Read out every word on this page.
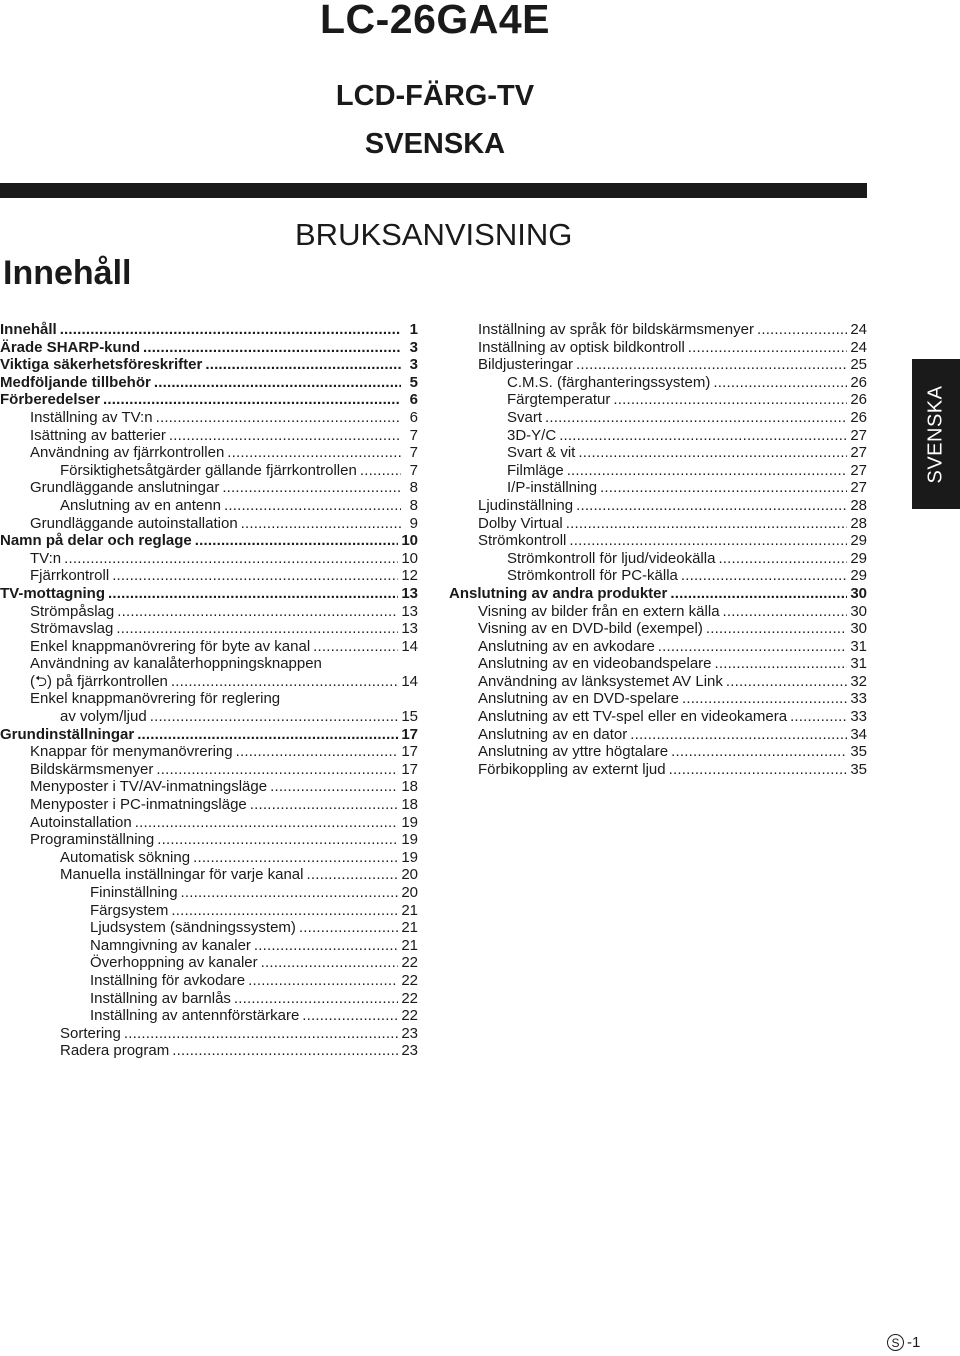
LC-26GA4E
LCD-FÄRG-TV
SVENSKA
BRUKSANVISNING
Innehåll
Innehåll .....	1
Ärade SHARP-kund .....	3
Viktiga säkerhetsföreskrifter .....	3
Medföljande tillbehör .....	5
Förberedelser .....	6
Inställning av TV:n .....	6
Isättning av batterier .....	7
Användning av fjärrkontrollen .....	7
Försiktighetsåtgärder gällande fjärrkontrollen .....	7
Grundläggande anslutningar .....	8
Anslutning av en antenn .....	8
Grundläggande autoinstallation .....	9
Namn på delar och reglage .....	10
TV:n .....	10
Fjärrkontroll .....	12
TV-mottagning .....	13
Strömpåslag .....	13
Strömavslag .....	13
Enkel knappmanövrering för byte av kanal .....	14
Användning av kanalåterhoppningsknappen
(⮌) på fjärrkontrollen .....	14
Enkel knappmanövrering för reglering
av volym/ljud .....	15
Grundinställningar .....	17
Knappar för menymanövrering .....	17
Bildskärmsmenyer .....	17
Menyposter i TV/AV-inmatningsläge .....	18
Menyposter i PC-inmatningsläge .....	18
Autoinstallation .....	19
Programinställning .....	19
Automatisk sökning .....	19
Manuella inställningar för varje kanal .....	20
Fininställning .....	20
Färgsystem .....	21
Ljudsystem (sändningssystem) .....	21
Namngivning av kanaler .....	21
Överhoppning av kanaler .....	22
Inställning för avkodare .....	22
Inställning av barnlås .....	22
Inställning av antennförstärkare .....	22
Sortering .....	23
Radera program .....	23
Inställning av språk för bildskärmsmenyer .....	24
Inställning av optisk bildkontroll .....	24
Bildjusteringar .....	25
C.M.S. (färghanteringssystem) .....	26
Färgtemperatur .....	26
Svart .....	26
3D-Y/C .....	27
Svart & vit .....	27
Filmläge .....	27
I/P-inställning .....	27
Ljudinställning .....	28
Dolby Virtual .....	28
Strömkontroll .....	29
Strömkontroll för ljud/videokälla .....	29
Strömkontroll för PC-källa .....	29
Anslutning av andra produkter .....	30
Visning av bilder från en extern källa .....	30
Visning av en DVD-bild (exempel) .....	30
Anslutning av en avkodare .....	31
Anslutning av en videobandspelare .....	31
Användning av länksystemet AV Link .....	32
Anslutning av en DVD-spelare .....	33
Anslutning av ett TV-spel eller en videokamera .....	33
Anslutning av en dator .....	34
Anslutning av yttre högtalare .....	35
Förbikoppling av externt ljud .....	35
SVENSKA
S -1
